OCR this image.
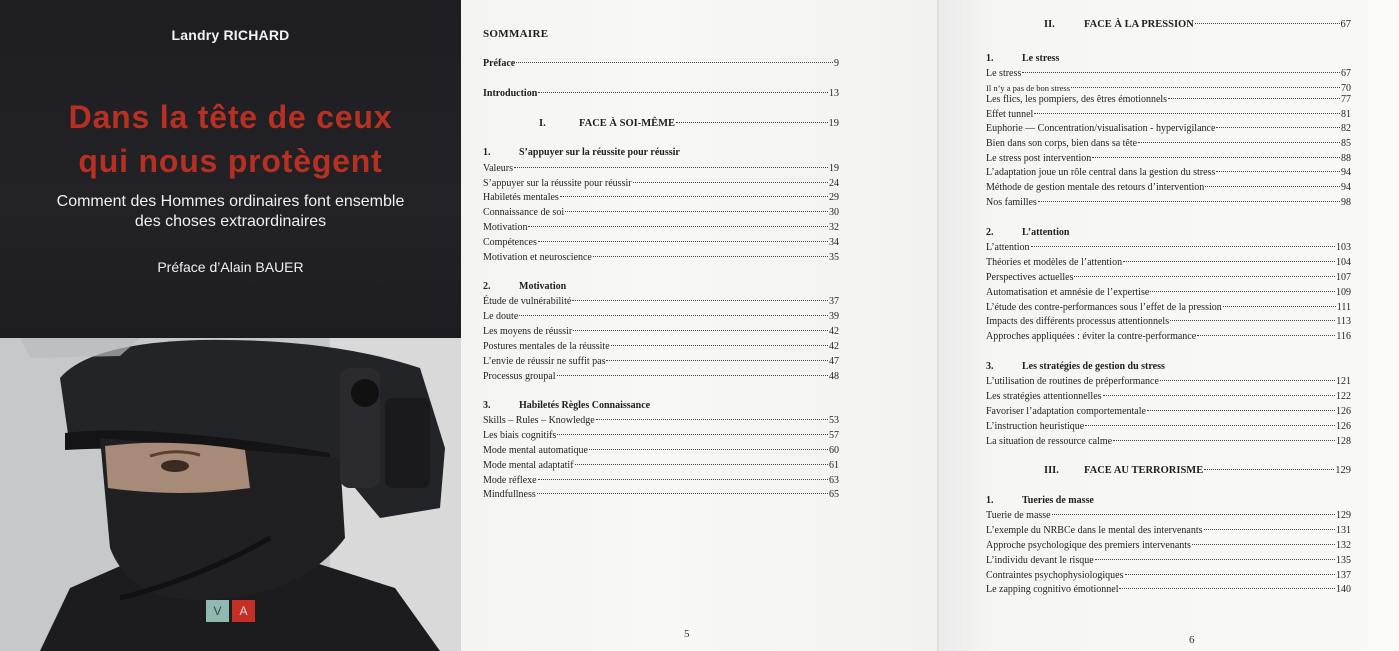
Landry RICHARD
Dans la tête de ceux
qui nous protègent
Comment des Hommes ordinaires font ensemble
des choses extraordinaires
Préface d’Alain BAUER
V	A
SOMMAIRE
Préface	9
Introduction	13
I.	FACE À SOI-MÊME	19
1.	S’appuyer sur la réussite pour réussir
Valeurs	19
S’appuyer sur la réussite pour réussir	24
Habiletés mentales	29
Connaissance de soi	30
Motivation	32
Compétences	34
Motivation et neuroscience	35
2.	Motivation
Étude de vulnérabilité	37
Le doute	39
Les moyens de réussir	42
Postures mentales de la réussite	42
L’envie de réussir ne suffit pas	47
Processus groupal	48
3.	Habiletés Règles Connaissance
Skills – Rules – Knowledge	53
Les biais cognitifs	57
Mode mental automatique	60
Mode mental adaptatif	61
Mode réflexe	63
Mindfullness	65
5
II.	FACE À LA PRESSION	67
1.	Le stress
Le stress	67
Il n’y a pas de bon stress	70
Les flics, les pompiers, des êtres émotionnels	77
Effet tunnel	81
Euphorie — Concentration/visualisation - hypervigilance	82
Bien dans son corps, bien dans sa tête	85
Le stress post intervention	88
L’adaptation joue un rôle central dans la gestion du stress	94
Méthode de gestion mentale des retours d’intervention	94
Nos familles	98
2.	L’attention
L’attention	103
Théories et modèles de l’attention	104
Perspectives actuelles	107
Automatisation et amnésie de l’expertise	109
L’étude des contre-performances sous l’effet de la pression	111
Impacts des différents processus attentionnels	113
Approches appliquées : éviter la contre-performance	116
3.	Les stratégies de gestion du stress
L’utilisation de routines de préperformance	121
Les stratégies attentionnelles	122
Favoriser l’adaptation comportementale	126
L’instruction heuristique	126
La situation de ressource calme	128
III.	FACE AU TERRORISME	129
1.	Tueries de masse
Tuerie de masse	129
L’exemple du NRBCe dans le mental des intervenants	131
Approche psychologique des premiers intervenants	132
L’individu devant le risque	135
Contraintes psychophysiologiques	137
Le zapping cognitivo émotionnel	140
6
